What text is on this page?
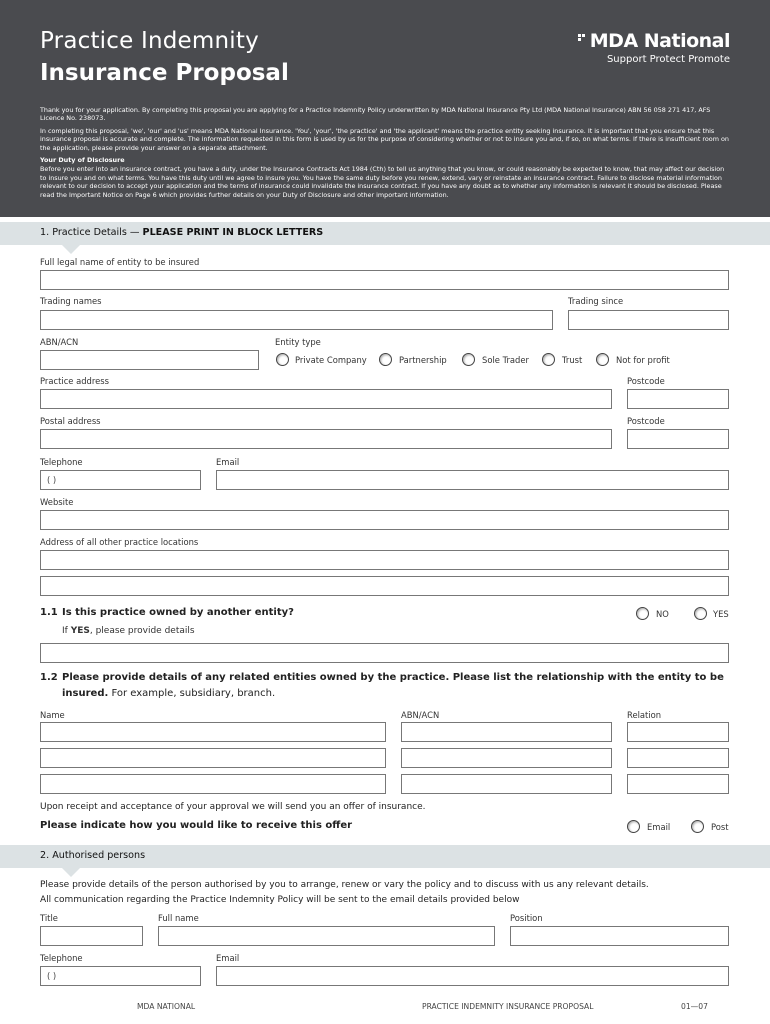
Practice Indemnity
Insurance Proposal
MDA National
Support Protect Promote

Thank you for your application. By completing this proposal you are applying for a Practice Indemnity Policy underwritten by MDA National Insurance Pty Ltd (MDA National Insurance) ABN 56 058 271 417, AFS Licence No. 238073.

In completing this proposal, 'we', 'our' and 'us' means MDA National Insurance. 'You', 'your', 'the practice' and 'the applicant' means the practice entity seeking insurance. It is important that you ensure that this insurance proposal is accurate and complete. The information requested in this form is used by us for the purpose of considering whether or not to insure you and, if so, on what terms. If there is insufficient room on the application, please provide your answer on a separate attachment.

Your Duty of Disclosure

Before you enter into an insurance contract, you have a duty, under the Insurance Contracts Act 1984 (Cth) to tell us anything that you know, or could reasonably be expected to know, that may affect our decision to insure you and on what terms. You have this duty until we agree to insure you. You have the same duty before you renew, extend, vary or reinstate an insurance contract. Failure to disclose material information relevant to our decision to accept your application and the terms of insurance could invalidate the insurance contract. If you have any doubt as to whether any information is relevant it should be disclosed. Please read the Important Notice on Page 6 which provides further details on your Duty of Disclosure and other important information.

1. Practice Details — PLEASE PRINT IN BLOCK LETTERS
Full legal name of entity to be insured
Trading names	Trading since
ABN/ACN	Entity type
Private Company	Partnership	Sole Trader	Trust	Not for profit
Practice address	Postcode
Postal address	Postcode
Telephone	Email
( )
Website
Address of all other practice locations
1.1 Is this practice owned by another entity?	NO	YES
If YES, please provide details
1.2 Please provide details of any related entities owned by the practice. Please list the relationship with the entity to be
insured. For example, subsidiary, branch.
Name	ABN/ACN	Relation
Upon receipt and acceptance of your approval we will send you an offer of insurance.
Please indicate how you would like to receive this offer	Email	Post
2. Authorised persons
Please provide details of the person authorised by you to arrange, renew or vary the policy and to discuss with us any relevant details.
All communication regarding the Practice Indemnity Policy will be sent to the email details provided below
Title	Full name	Position
Telephone	Email
( )
MDA NATIONAL	PRACTICE INDEMNITY INSURANCE PROPOSAL	01—07
